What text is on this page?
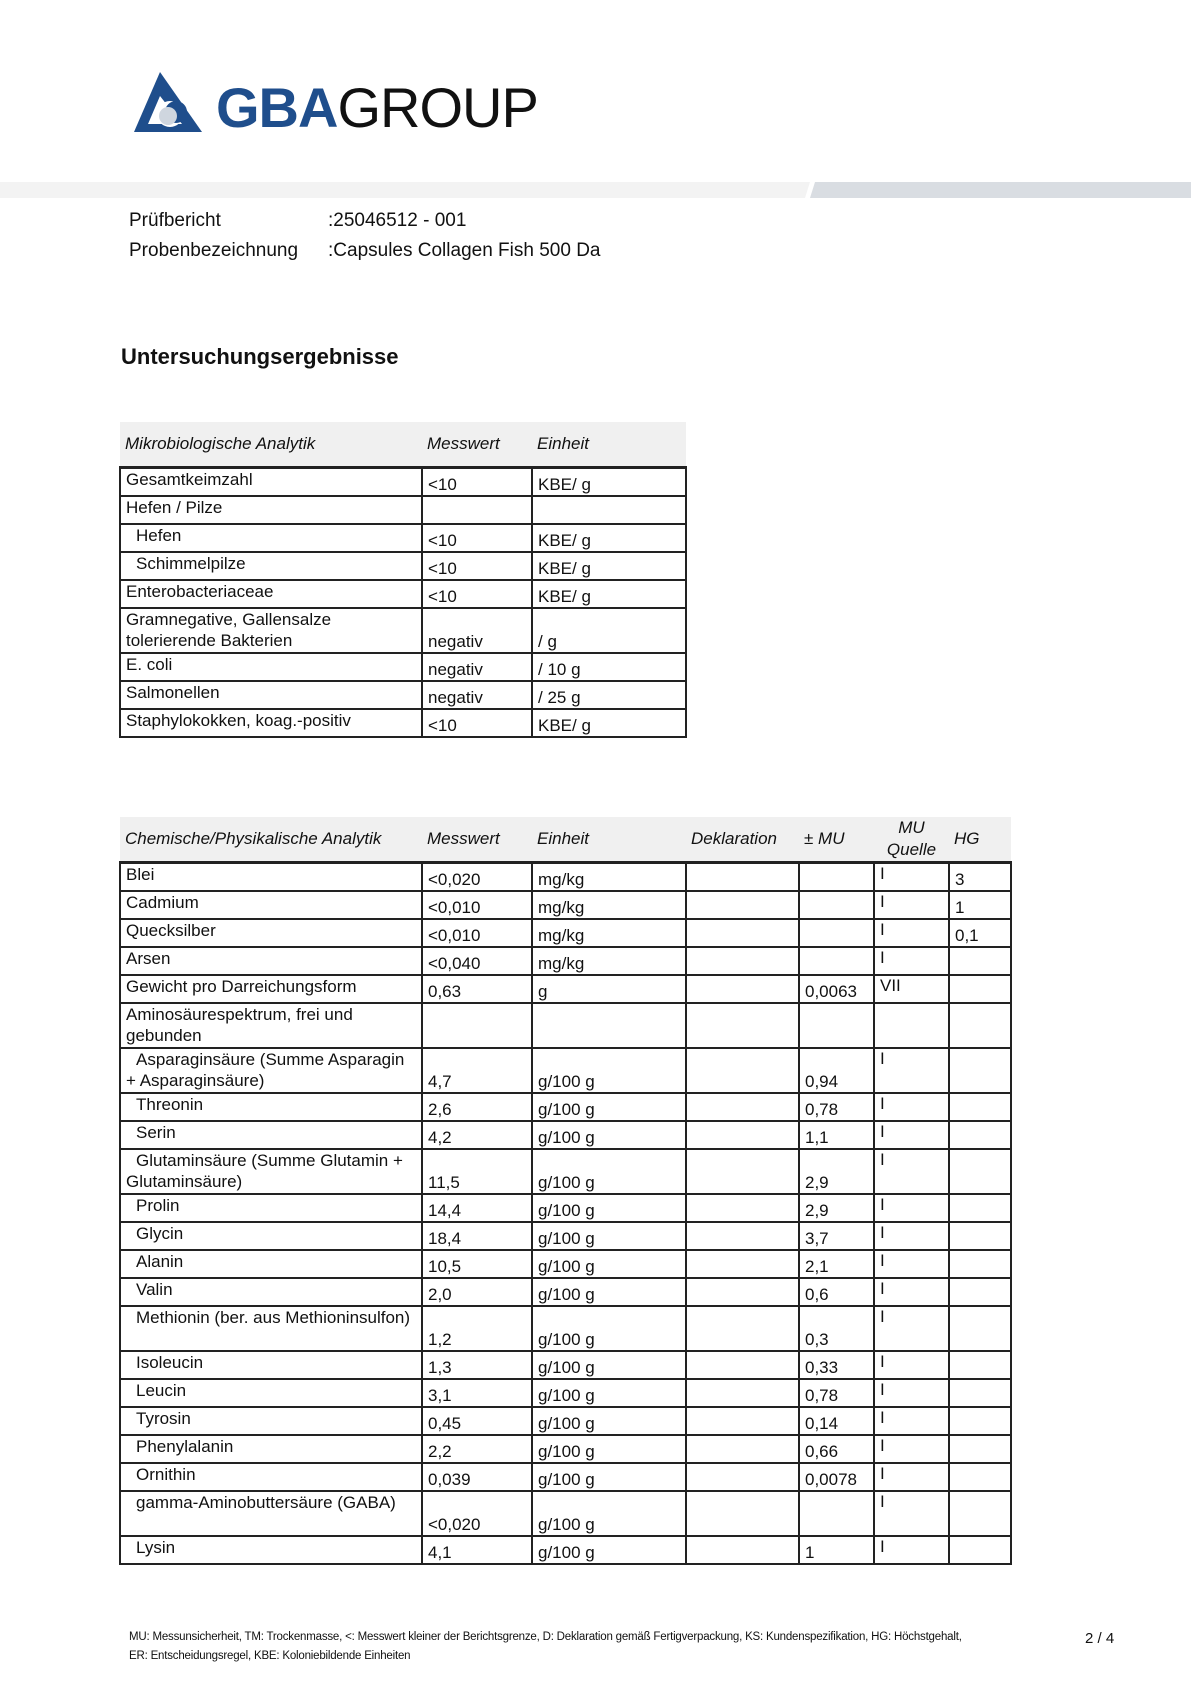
GBAGROUP
Prüfbericht	:25046512 - 001
Probenbezeichnung :Capsules Collagen Fish 500 Da
Untersuchungsergebnisse
Mikrobiologische Analytik	Messwert	Einheit
Gesamtkeimzahl	<10	KBE/ g
Hefen / Pilze		
Hefen	<10	KBE/ g
Schimmelpilze	<10	KBE/ g
Enterobacteriaceae	<10	KBE/ g
Gramnegative, Gallensalze tolerierende Bakterien	negativ	/ g
E. coli	negativ	/ 10 g
Salmonellen	negativ	/ 25 g
Staphylokokken, koag.-positiv	<10	KBE/ g
Chemische/Physikalische Analytik	Messwert	Einheit	Deklaration	± MU	MU Quelle	HG
Blei	<0,020	mg/kg			I	3
Cadmium	<0,010	mg/kg			I	1
Quecksilber	<0,010	mg/kg			I	0,1
Arsen	<0,040	mg/kg			I	
Gewicht pro Darreichungsform	0,63	g		0,0063	VII	
Aminosäurespektrum, frei und gebunden						
Asparaginsäure (Summe Asparagin + Asparaginsäure)	4,7	g/100 g		0,94	I	
Threonin	2,6	g/100 g		0,78	I	
Serin	4,2	g/100 g		1,1	I	
Glutaminsäure (Summe Glutamin + Glutaminsäure)	11,5	g/100 g		2,9	I	
Prolin	14,4	g/100 g		2,9	I	
Glycin	18,4	g/100 g		3,7	I	
Alanin	10,5	g/100 g		2,1	I	
Valin	2,0	g/100 g		0,6	I	
Methionin (ber. aus Methioninsulfon)	1,2	g/100 g		0,3	I	
Isoleucin	1,3	g/100 g		0,33	I	
Leucin	3,1	g/100 g		0,78	I	
Tyrosin	0,45	g/100 g		0,14	I	
Phenylalanin	2,2	g/100 g		0,66	I	
Ornithin	0,039	g/100 g		0,0078	I	
gamma-Aminobuttersäure (GABA)	<0,020	g/100 g			I	
Lysin	4,1	g/100 g		1	I	
MU: Messunsicherheit, TM: Trockenmasse, <: Messwert kleiner der Berichtsgrenze, D: Deklaration gemäß Fertigverpackung, KS: Kundenspezifikation, HG: Höchstgehalt,
ER: Entscheidungsregel, KBE: Koloniebildende Einheiten
2 / 4
